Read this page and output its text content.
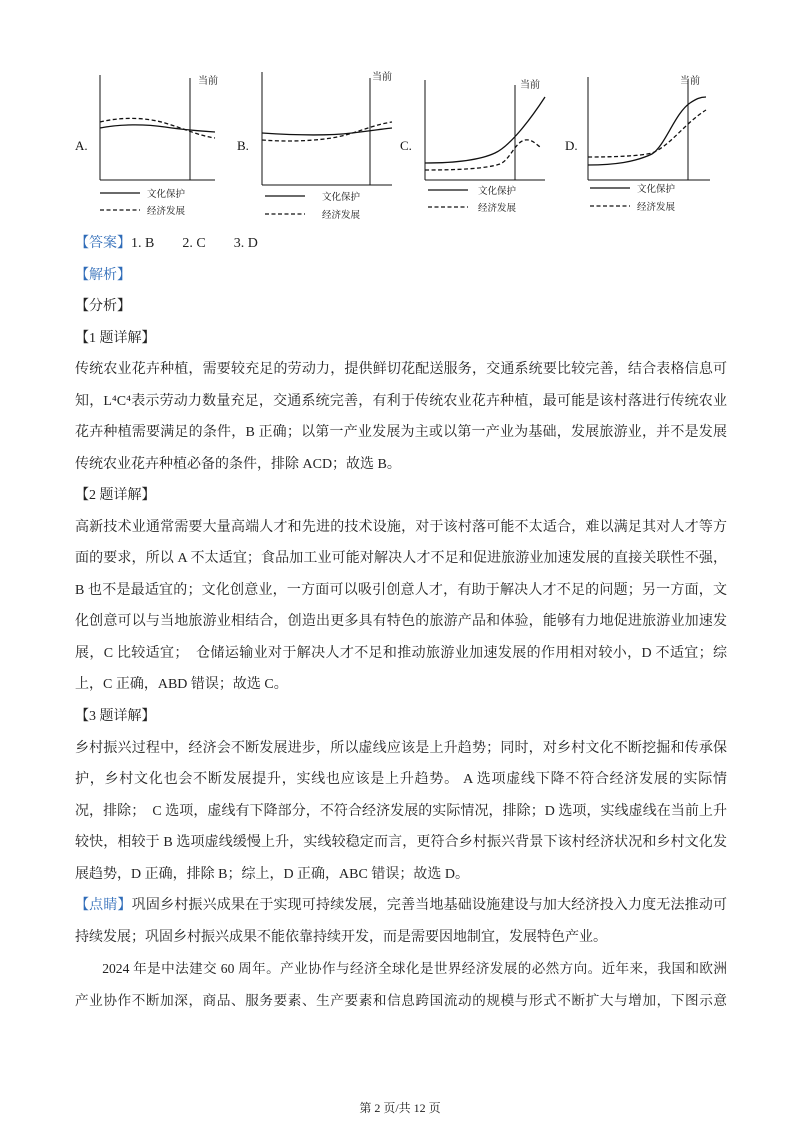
A.
当前
文化保护
经济发展
B.
当前
文化保护
经济发展
C.
当前
文化保护
经济发展
D.
当前
文化保护
经济发展
【答案】1. B 2. C 3. D
【解析】
【分析】
【1 题详解】
传统农业花卉种植，需要较充足的劳动力，提供鲜切花配送服务，交通系统要比较完善，结合表格信息可
知，L⁴C⁴表示劳动力数量充足，交通系统完善，有利于传统农业花卉种植，最可能是该村落进行传统农业
花卉种植需要满足的条件，B 正确；以第一产业发展为主或以第一产业为基础，发展旅游业，并不是发展
传统农业花卉种植必备的条件，排除 ACD；故选 B。
【2 题详解】
高新技术业通常需要大量高端人才和先进的技术设施，对于该村落可能不太适合，难以满足其对人才等方
面的要求，所以 A 不太适宜；食品加工业可能对解决人才不足和促进旅游业加速发展的直接关联性不强，
B 也不是最适宜的；文化创意业，一方面可以吸引创意人才，有助于解决人才不足的问题；另一方面，文
化创意可以与当地旅游业相结合，创造出更多具有特色的旅游产品和体验，能够有力地促进旅游业加速发
展，C 比较适宜；  仓储运输业对于解决人才不足和推动旅游业加速发展的作用相对较小，D 不适宜；综
上，C 正确，ABD 错误；故选 C。
【3 题详解】
乡村振兴过程中，经济会不断发展进步，所以虚线应该是上升趋势；同时，对乡村文化不断挖掘和传承保
护，乡村文化也会不断发展提升，实线也应该是上升趋势。 A 选项虚线下降不符合经济发展的实际情
况，排除；  C 选项，虚线有下降部分，不符合经济发展的实际情况，排除；D 选项，实线虚线在当前上升
较快，相较于 B 选项虚线缓慢上升，实线较稳定而言，更符合乡村振兴背景下该村经济状况和乡村文化发
展趋势，D 正确，排除 B；综上，D 正确，ABC 错误；故选 D。
【点睛】巩固乡村振兴成果在于实现可持续发展，完善当地基础设施建设与加大经济投入力度无法推动可
持续发展；巩固乡村振兴成果不能依靠持续开发，而是需要因地制宜，发展特色产业。
2024 年是中法建交 60 周年。产业协作与经济全球化是世界经济发展的必然方向。近年来，我国和欧洲
产业协作不断加深，商品、服务要素、生产要素和信息跨国流动的规模与形式不断扩大与增加，下图示意
第 2 页/共 12 页
